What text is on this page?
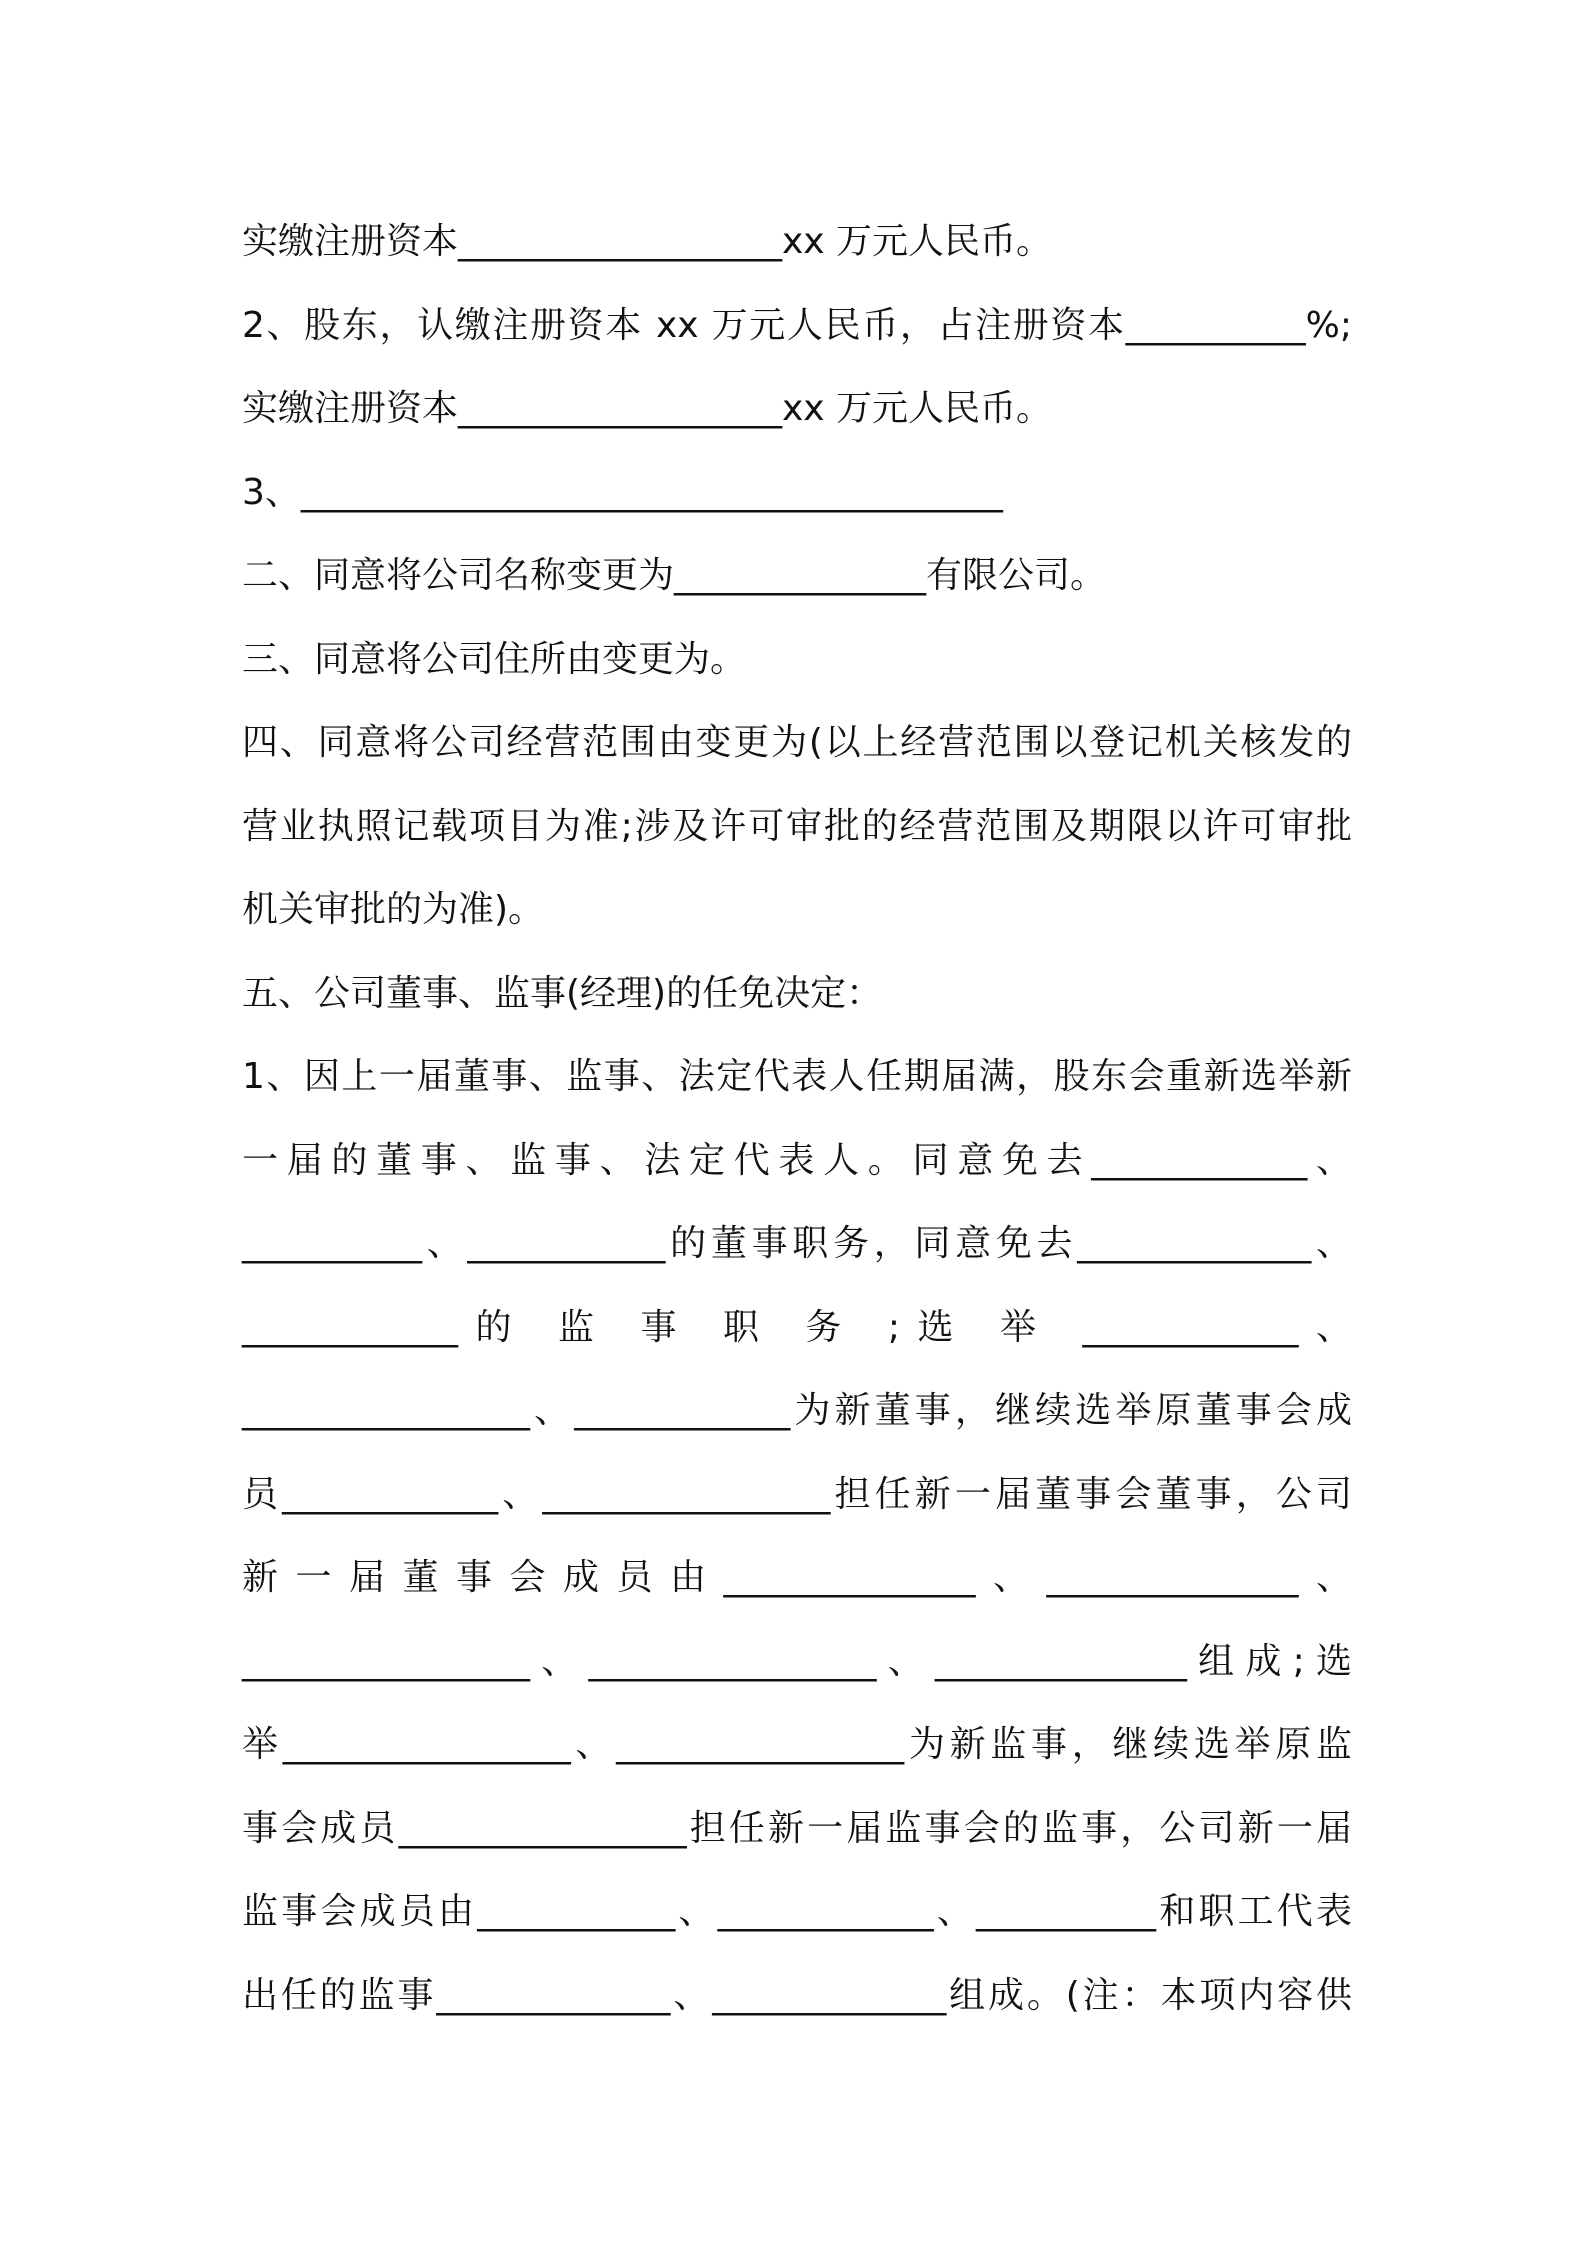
实缴注册资本__________________xx 万元人民币。
2、股东，认缴注册资本 xx 万元人民币，占注册资本__________%;
实缴注册资本__________________xx 万元人民币。
3、_______________________________________
二、同意将公司名称变更为______________有限公司。
三、同意将公司住所由变更为。
四、同意将公司经营范围由变更为(以上经营范围以登记机关核发的
营业执照记载项目为准;涉及许可审批的经营范围及期限以许可审批
机关审批的为准)。
五、公司董事、监事(经理)的任免决定：
1、因上一届董事、监事、法定代表人任期届满，股东会重新选举新
一届的董事、监事、法定代表人。同意免去____________、
__________、___________的董事职务，同意免去_____________、
____________的 监 事 职 务 ;选 举 ____________、
________________、____________为新董事，继续选举原董事会成
员____________、________________担任新一届董事会董事，公司
新一届董事会成员由______________、______________、
________________、________________、______________组成;选
举________________、________________为新监事，继续选举原监
事会成员________________担任新一届监事会的监事，公司新一届
监事会成员由___________、____________、__________和职工代表
出任的监事_____________、_____________组成。(注：本项内容供
